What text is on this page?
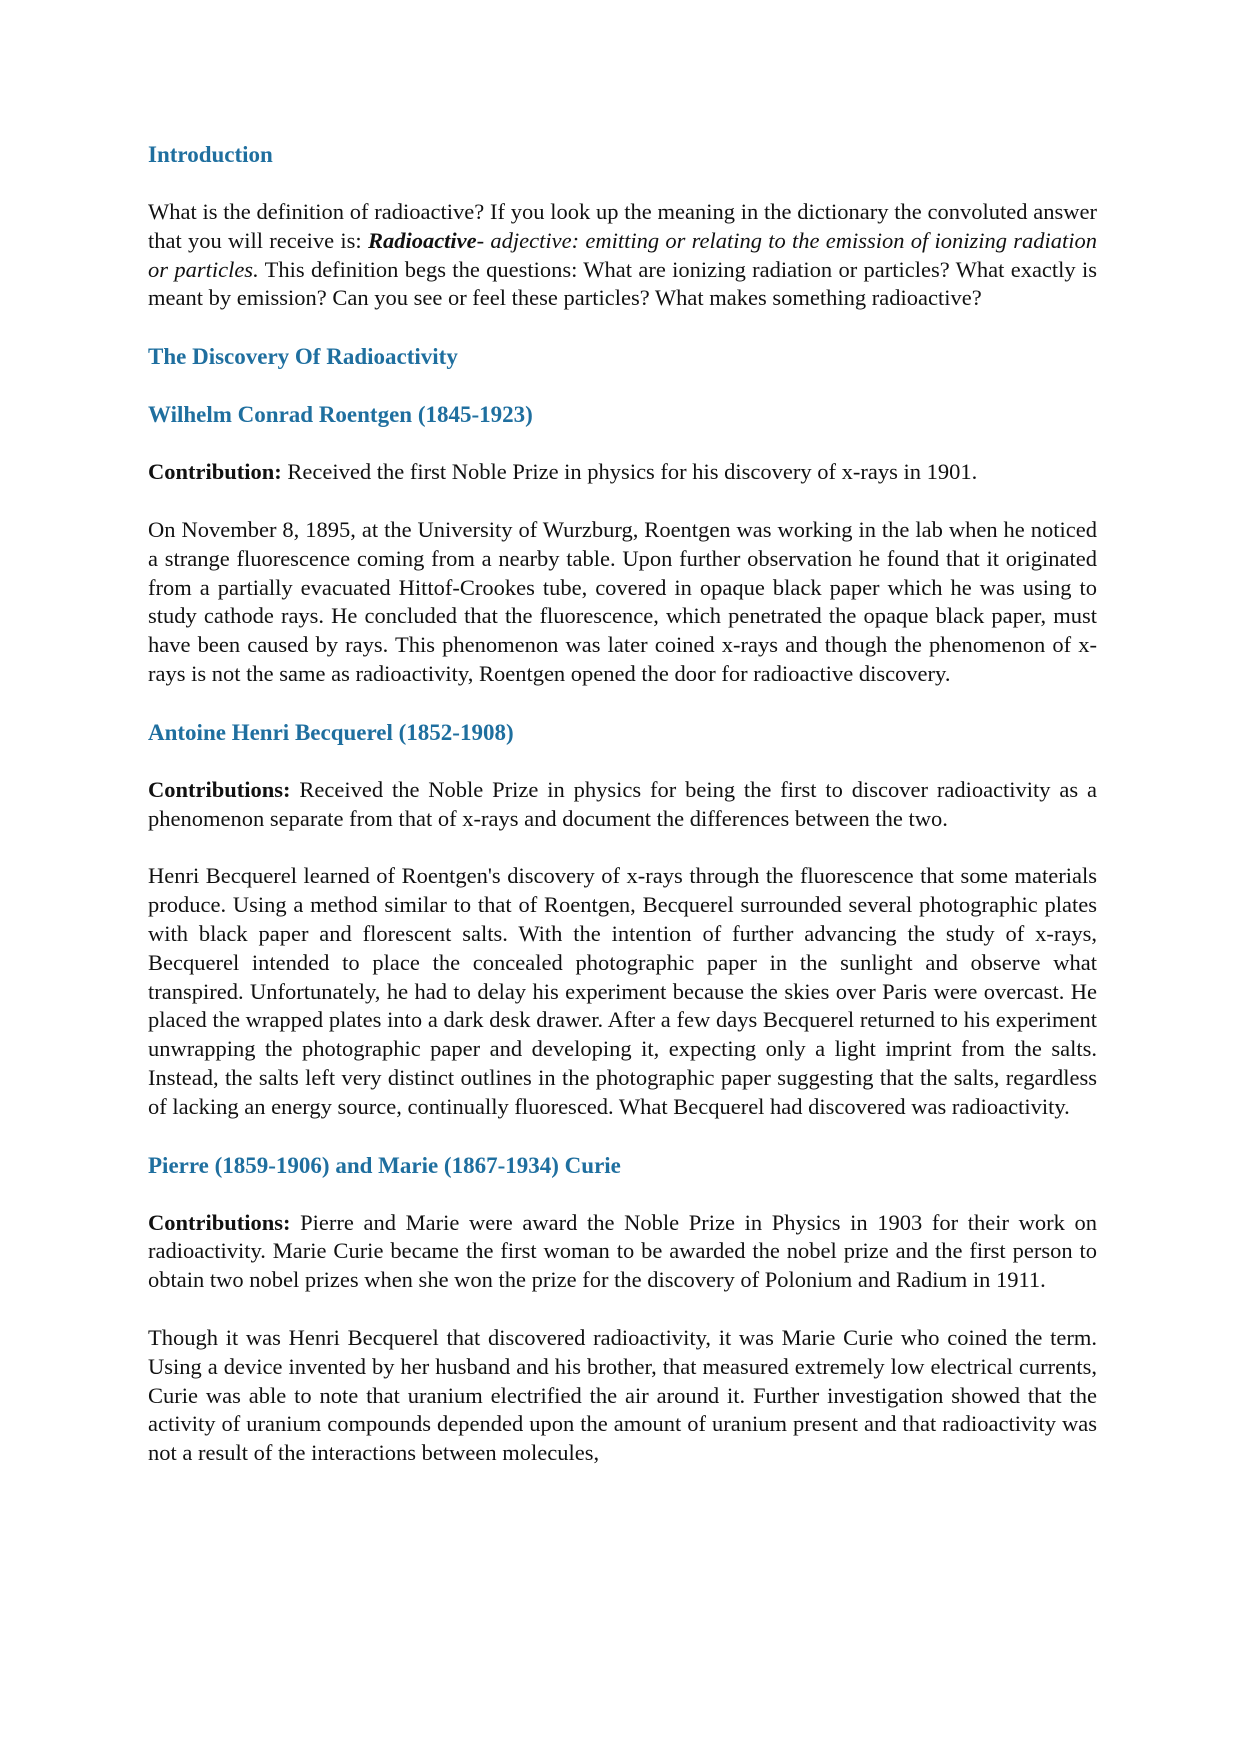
Introduction

What is the definition of radioactive? If you look up the meaning in the dictionary the convoluted answer that you will receive is: Radioactive- adjective: emitting or relating to the emission of ionizing radiation or particles. This definition begs the questions: What are ionizing radiation or particles? What exactly is meant by emission? Can you see or feel these particles? What makes something radioactive?

The Discovery Of Radioactivity
Wilhelm Conrad Roentgen (1845-1923)

Contribution: Received the first Noble Prize in physics for his discovery of x-rays in 1901.

On November 8, 1895, at the University of Wurzburg, Roentgen was working in the lab when he noticed a strange fluorescence coming from a nearby table. Upon further observation he found that it originated from a partially evacuated Hittof-Crookes tube, covered in opaque black paper which he was using to study cathode rays. He concluded that the fluorescence, which penetrated the opaque black paper, must have been caused by rays. This phenomenon was later coined x-rays and though the phenomenon of x-rays is not the same as radioactivity, Roentgen opened the door for radioactive discovery.

Antoine Henri Becquerel (1852-1908)

Contributions: Received the Noble Prize in physics for being the first to discover radioactivity as a phenomenon separate from that of x-rays and document the differences between the two.

Henri Becquerel learned of Roentgen's discovery of x-rays through the fluorescence that some materials produce. Using a method similar to that of Roentgen, Becquerel surrounded several photographic plates with black paper and florescent salts. With the intention of further advancing the study of x-rays, Becquerel intended to place the concealed photographic paper in the sunlight and observe what transpired. Unfortunately, he had to delay his experiment because the skies over Paris were overcast. He placed the wrapped plates into a dark desk drawer. After a few days Becquerel returned to his experiment unwrapping the photographic paper and developing it, expecting only a light imprint from the salts. Instead, the salts left very distinct outlines in the photographic paper suggesting that the salts, regardless of lacking an energy source, continually fluoresced. What Becquerel had discovered was radioactivity.

Pierre (1859-1906) and Marie (1867-1934) Curie

Contributions: Pierre and Marie were award the Noble Prize in Physics in 1903 for their work on radioactivity. Marie Curie became the first woman to be awarded the nobel prize and the first person to obtain two nobel prizes when she won the prize for the discovery of Polonium and Radium in 1911.

Though it was Henri Becquerel that discovered radioactivity, it was Marie Curie who coined the term. Using a device invented by her husband and his brother, that measured extremely low electrical currents, Curie was able to note that uranium electrified the air around it. Further investigation showed that the activity of uranium compounds depended upon the amount of uranium present and that radioactivity was not a result of the interactions between molecules,
